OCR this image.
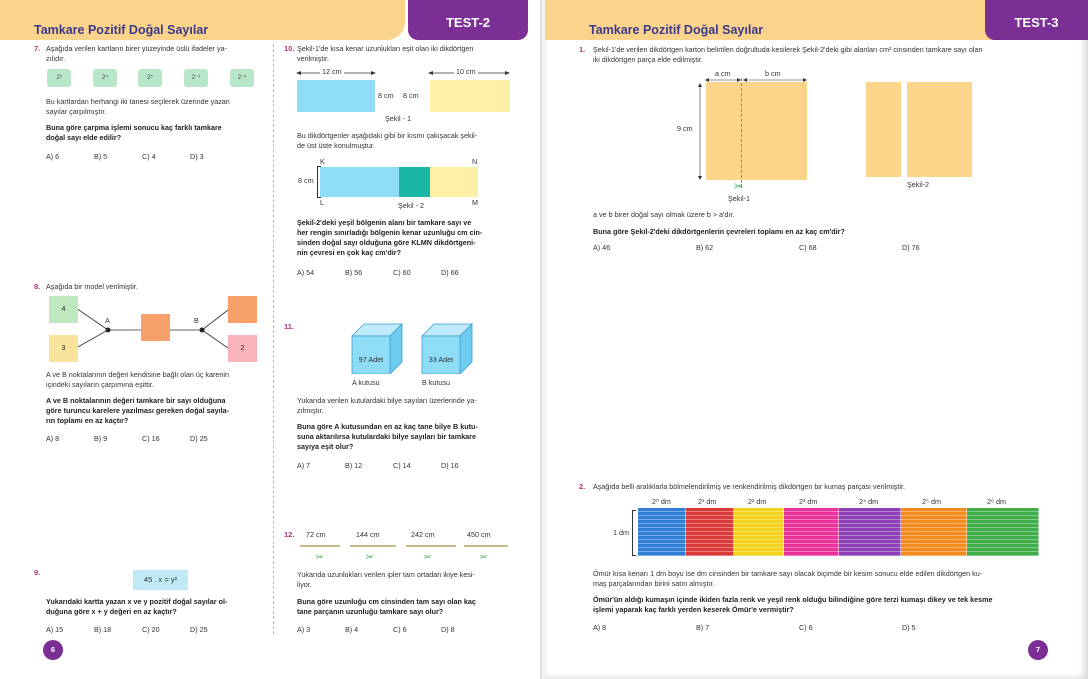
Tamkare Pozitif Doğal Sayılar	TEST-2
7. Aşağıda verilen kartların birer yüzeyinde üslü ifadeler ya-
zılıdır.
2³	2⁴	2⁵	2⁻¹	2⁻³
Bu kartlardan herhangi iki tanesi seçilerek üzerinde yazan
sayılar çarpılmıştır.
Buna göre çarpma işlemi sonucu kaç farklı tamkare
doğal sayı elde edilir?
A) 6	B) 5	C) 4	D) 3
8. Aşağıda bir model verilmiştir.
4
3	2
A	B
A ve B noktalarının değeri kendisine bağlı olan üç karenin
içindeki sayıların çarpımına eşittir.
A ve B noktalarının değeri tamkare bir sayı olduğuna
göre turuncu karelere yazılması gereken doğal sayıla-
rın toplamı en az kaçtır?
A) 8	B) 9	C) 16	D) 25
9.
45 . x = y²
Yukarıdaki kartta yazan x ve y pozitif doğal sayılar ol-
duğuna göre x + y değeri en az kaçtır?
A) 15	B) 18	C) 20	D) 25
10. Şekil-1'de kısa kenar uzunlukları eşit olan iki dikdörtgen
verilmiştir.
12 cm	10 cm
8 cm 8 cm
Şekil - 1
Bu dikdörtgenler aşağıdaki gibi bir kısmı çakışacak şekil-
de üst üste konulmuştur.
K	N
L	M
8 cm
Şekil - 2
Şekil-2'deki yeşil bölgenin alanı bir tamkare sayı ve
her rengin sınırladığı bölgenin kenar uzunluğu cm cin-
sinden doğal sayı olduğuna göre KLMN dikdörtgeni-
nin çevresi en çok kaç cm'dir?
A) 54	B) 56	C) 60	D) 66
11.
97 Adet	33 Adet
A kutusu	B kutusu
Yukarıda verilen kutulardaki bilye sayıları üzerlerinde ya-
zılmıştır.
Buna göre A kutusundan en az kaç tane bilye B kutu-
suna aktarılırsa kutulardaki bilye sayıları bir tamkare
sayıya eşit olur?
A) 7	B) 12	C) 14	D) 16
12. 72 cm	144 cm	242 cm	450 cm
✂	✂	✂	✂
Yukarıda uzunlukları verilen ipler tam ortadan ikiye kesi-
liyor.
Buna göre uzunluğu cm cinsinden tam sayı olan kaç
tane parçanın uzunluğu tamkare sayı olur?
A) 3	B) 4	C) 6	D) 8
6
Tamkare Pozitif Doğal Sayılar	TEST-3
1. Şekil-1'de verilen dikdörtgen karton belirtilen doğrultuda kesilerek Şekil-2'deki gibi alanları cm² cinsinden tamkare sayı olan
iki dikdörtgen parça elde edilmiştir.
a cm	b cm
9 cm
✂
Şekil-1
Şekil-2
a ve b birer doğal sayı olmak üzere b > a'dır.
Buna göre Şekil-2'deki dikdörtgenlerin çevreleri toplamı en az kaç cm'dir?
A) 46	B) 62	C) 68	D) 76
2. Aşağıda belli aralıklarla bölmelendirilmiş ve renkendirilmiş dikdörtgen bir kumaş parçası verilmiştir.
2⁰ dm	2¹ dm	2² dm	2³ dm	2⁴ dm	2⁵ dm	2⁶ dm
1 dm
Ömür kısa kenarı 1 dm boyu ise dm cinsinden bir tamkare sayı olacak biçimde bir kesim sonucu elde edilen dikdörtgen ku-
maş parçalarından birini satın almıştır.
Ömür'ün aldığı kumaşın içinde ikiden fazla renk ve yeşil renk olduğu bilindiğine göre terzi kumaşı dikey ve tek kesme
işlemi yaparak kaç farklı yerden keserek Ömür'e vermiştir?
A) 8	B) 7	C) 6	D) 5
7
